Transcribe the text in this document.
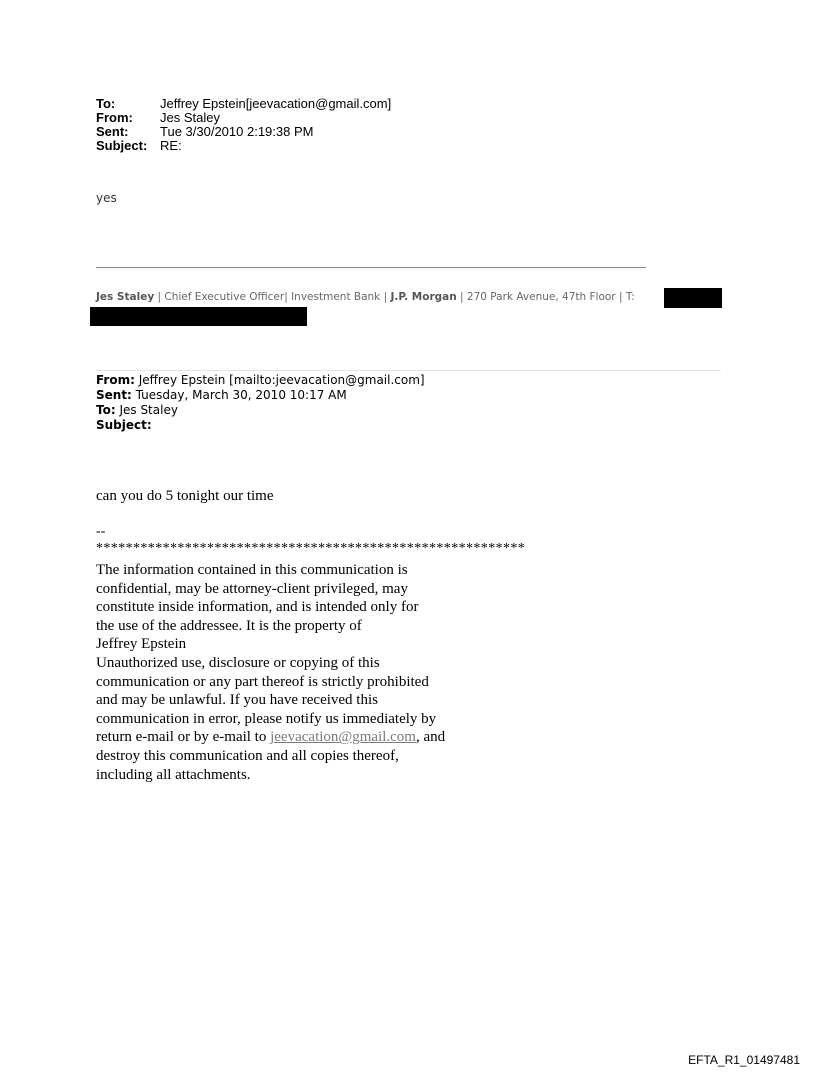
To:	Jeffrey Epstein[jeevacation@gmail.com]
From:	Jes Staley
Sent:	Tue 3/30/2010 2:19:38 PM
Subject: RE:
yes
Jes Staley | Chief Executive Officer| Investment Bank | J.P. Morgan | 270 Park Avenue, 47th Floor | T:
From: Jeffrey Epstein [mailto:jeevacation@gmail.com]
Sent: Tuesday, March 30, 2010 10:17 AM
To: Jes Staley
Subject:
can you do 5 tonight our time
--
**********************************************************
The information contained in this communication is
confidential, may be attorney-client privileged, may
constitute inside information, and is intended only for
the use of the addressee. It is the property of
Jeffrey Epstein
Unauthorized use, disclosure or copying of this
communication or any part thereof is strictly prohibited
and may be unlawful. If you have received this
communication in error, please notify us immediately by
return e-mail or by e-mail to jeevacation@gmail.com, and
destroy this communication and all copies thereof,
including all attachments.
EFTA_R1_01497481
